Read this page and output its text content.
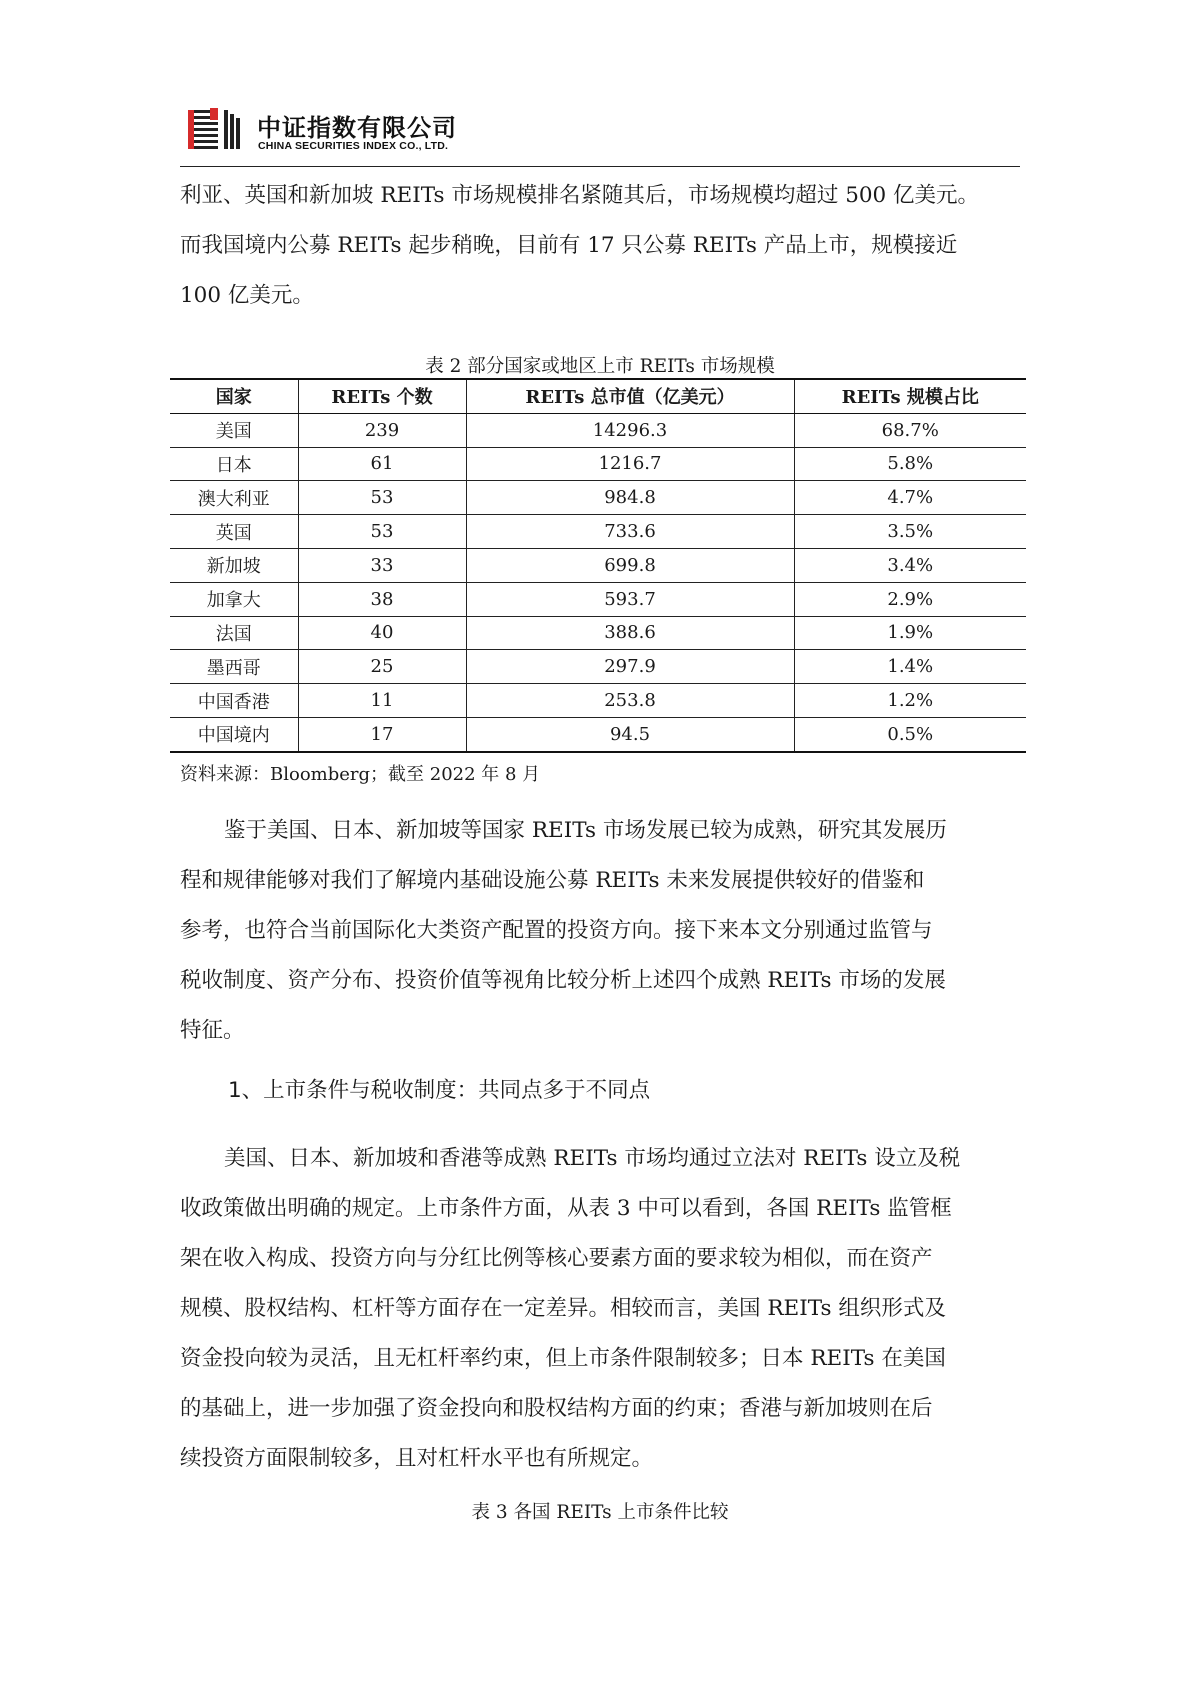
中证指数有限公司
CHINA SECURITIES INDEX CO., LTD.

利亚、英国和新加坡 REITs 市场规模排名紧随其后，市场规模均超过 500 亿美元。
而我国境内公募 REITs 起步稍晚，目前有 17 只公募 REITs 产品上市，规模接近
100 亿美元。

表 2 部分国家或地区上市 REITs 市场规模
国家	REITs 个数	REITs 总市值（亿美元）	REITs 规模占比
美国	239	14296.3	68.7%
日本	61	1216.7	5.8%
澳大利亚	53	984.8	4.7%
英国	53	733.6	3.5%
新加坡	33	699.8	3.4%
加拿大	38	593.7	2.9%
法国	40	388.6	1.9%
墨西哥	25	297.9	1.4%
中国香港	11	253.8	1.2%
中国境内	17	94.5	0.5%
资料来源：Bloomberg；截至 2022 年 8 月

鉴于美国、日本、新加坡等国家 REITs 市场发展已较为成熟，研究其发展历
程和规律能够对我们了解境内基础设施公募 REITs 未来发展提供较好的借鉴和
参考，也符合当前国际化大类资产配置的投资方向。接下来本文分别通过监管与
税收制度、资产分布、投资价值等视角比较分析上述四个成熟 REITs 市场的发展
特征。

1、上市条件与税收制度：共同点多于不同点

美国、日本、新加坡和香港等成熟 REITs 市场均通过立法对 REITs 设立及税
收政策做出明确的规定。上市条件方面，从表 3 中可以看到，各国 REITs 监管框
架在收入构成、投资方向与分红比例等核心要素方面的要求较为相似，而在资产
规模、股权结构、杠杆等方面存在一定差异。相较而言，美国 REITs 组织形式及
资金投向较为灵活，且无杠杆率约束，但上市条件限制较多；日本 REITs 在美国
的基础上，进一步加强了资金投向和股权结构方面的约束；香港与新加坡则在后
续投资方面限制较多，且对杠杆水平也有所规定。

表 3 各国 REITs 上市条件比较
